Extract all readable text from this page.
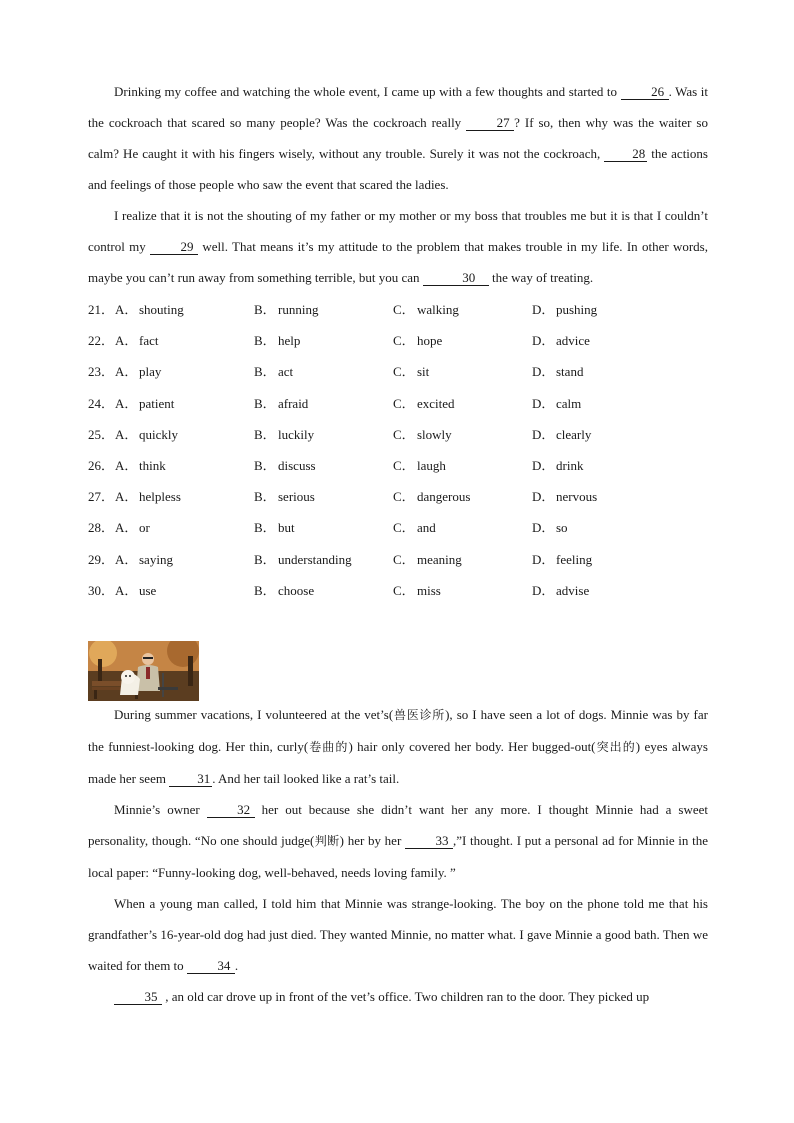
Drinking my coffee and watching the whole event, I came up with a few thoughts and started to 26 . Was it the cockroach that scared so many people? Was the cockroach really 27 ? If so, then why was the waiter so calm? He caught it with his fingers wisely, without any trouble. Surely it was not the cockroach, 28 the actions and feelings of those people who saw the event that scared the ladies.

I realize that it is not the shouting of my father or my mother or my boss that troubles me but it is that I couldn’t control my 29 well. That means it’s my attitude to the problem that makes trouble in my life. In other words, maybe you can’t run away from something terrible, but you can	30 the way of treating.

21． A． shouting	B． running	C． walking	D． pushing
22． A． fact	B． help	C． hope	D． advice
23． A． play	B． act	C． sit	D． stand
24． A． patient	B． afraid	C． excited	D． calm
25． A． quickly	B． luckily	C． slowly	D． clearly
26． A． think	B． discuss	C． laugh	D． drink
27． A． helpless	B． serious	C． dangerous	D． nervous
28． A． or	B． but	C． and	D． so
29． A． saying	B． understanding	C． meaning	D． feeling
30． A． use	B． choose	C． miss	D． advise

During summer vacations, I volunteered at the vet’s(兽医诊所), so I have seen a lot of dogs. Minnie was by far the funniest-looking dog. Her thin, curly(卷曲的) hair only covered her body. Her bugged-out(突出的) eyes always made her seem 31 . And her tail looked like a rat’s tail.

Minnie’s owner 32 her out because she didn’t want her any more. I thought Minnie had a sweet personality, though. “No one should judge(判断) her by her 33 ,”I thought. I put a personal ad for Minnie in the local paper: “Funny-looking dog, well-behaved, needs loving family. ”

When a young man called, I told him that Minnie was strange-looking. The boy on the phone told me that his grandfather’s 16-year-old dog had just died. They wanted Minnie, no matter what. I gave Minnie a good bath. Then we waited for them to 34 .

35 , an old car drove up in front of the vet’s office. Two children ran to the door. They picked up
